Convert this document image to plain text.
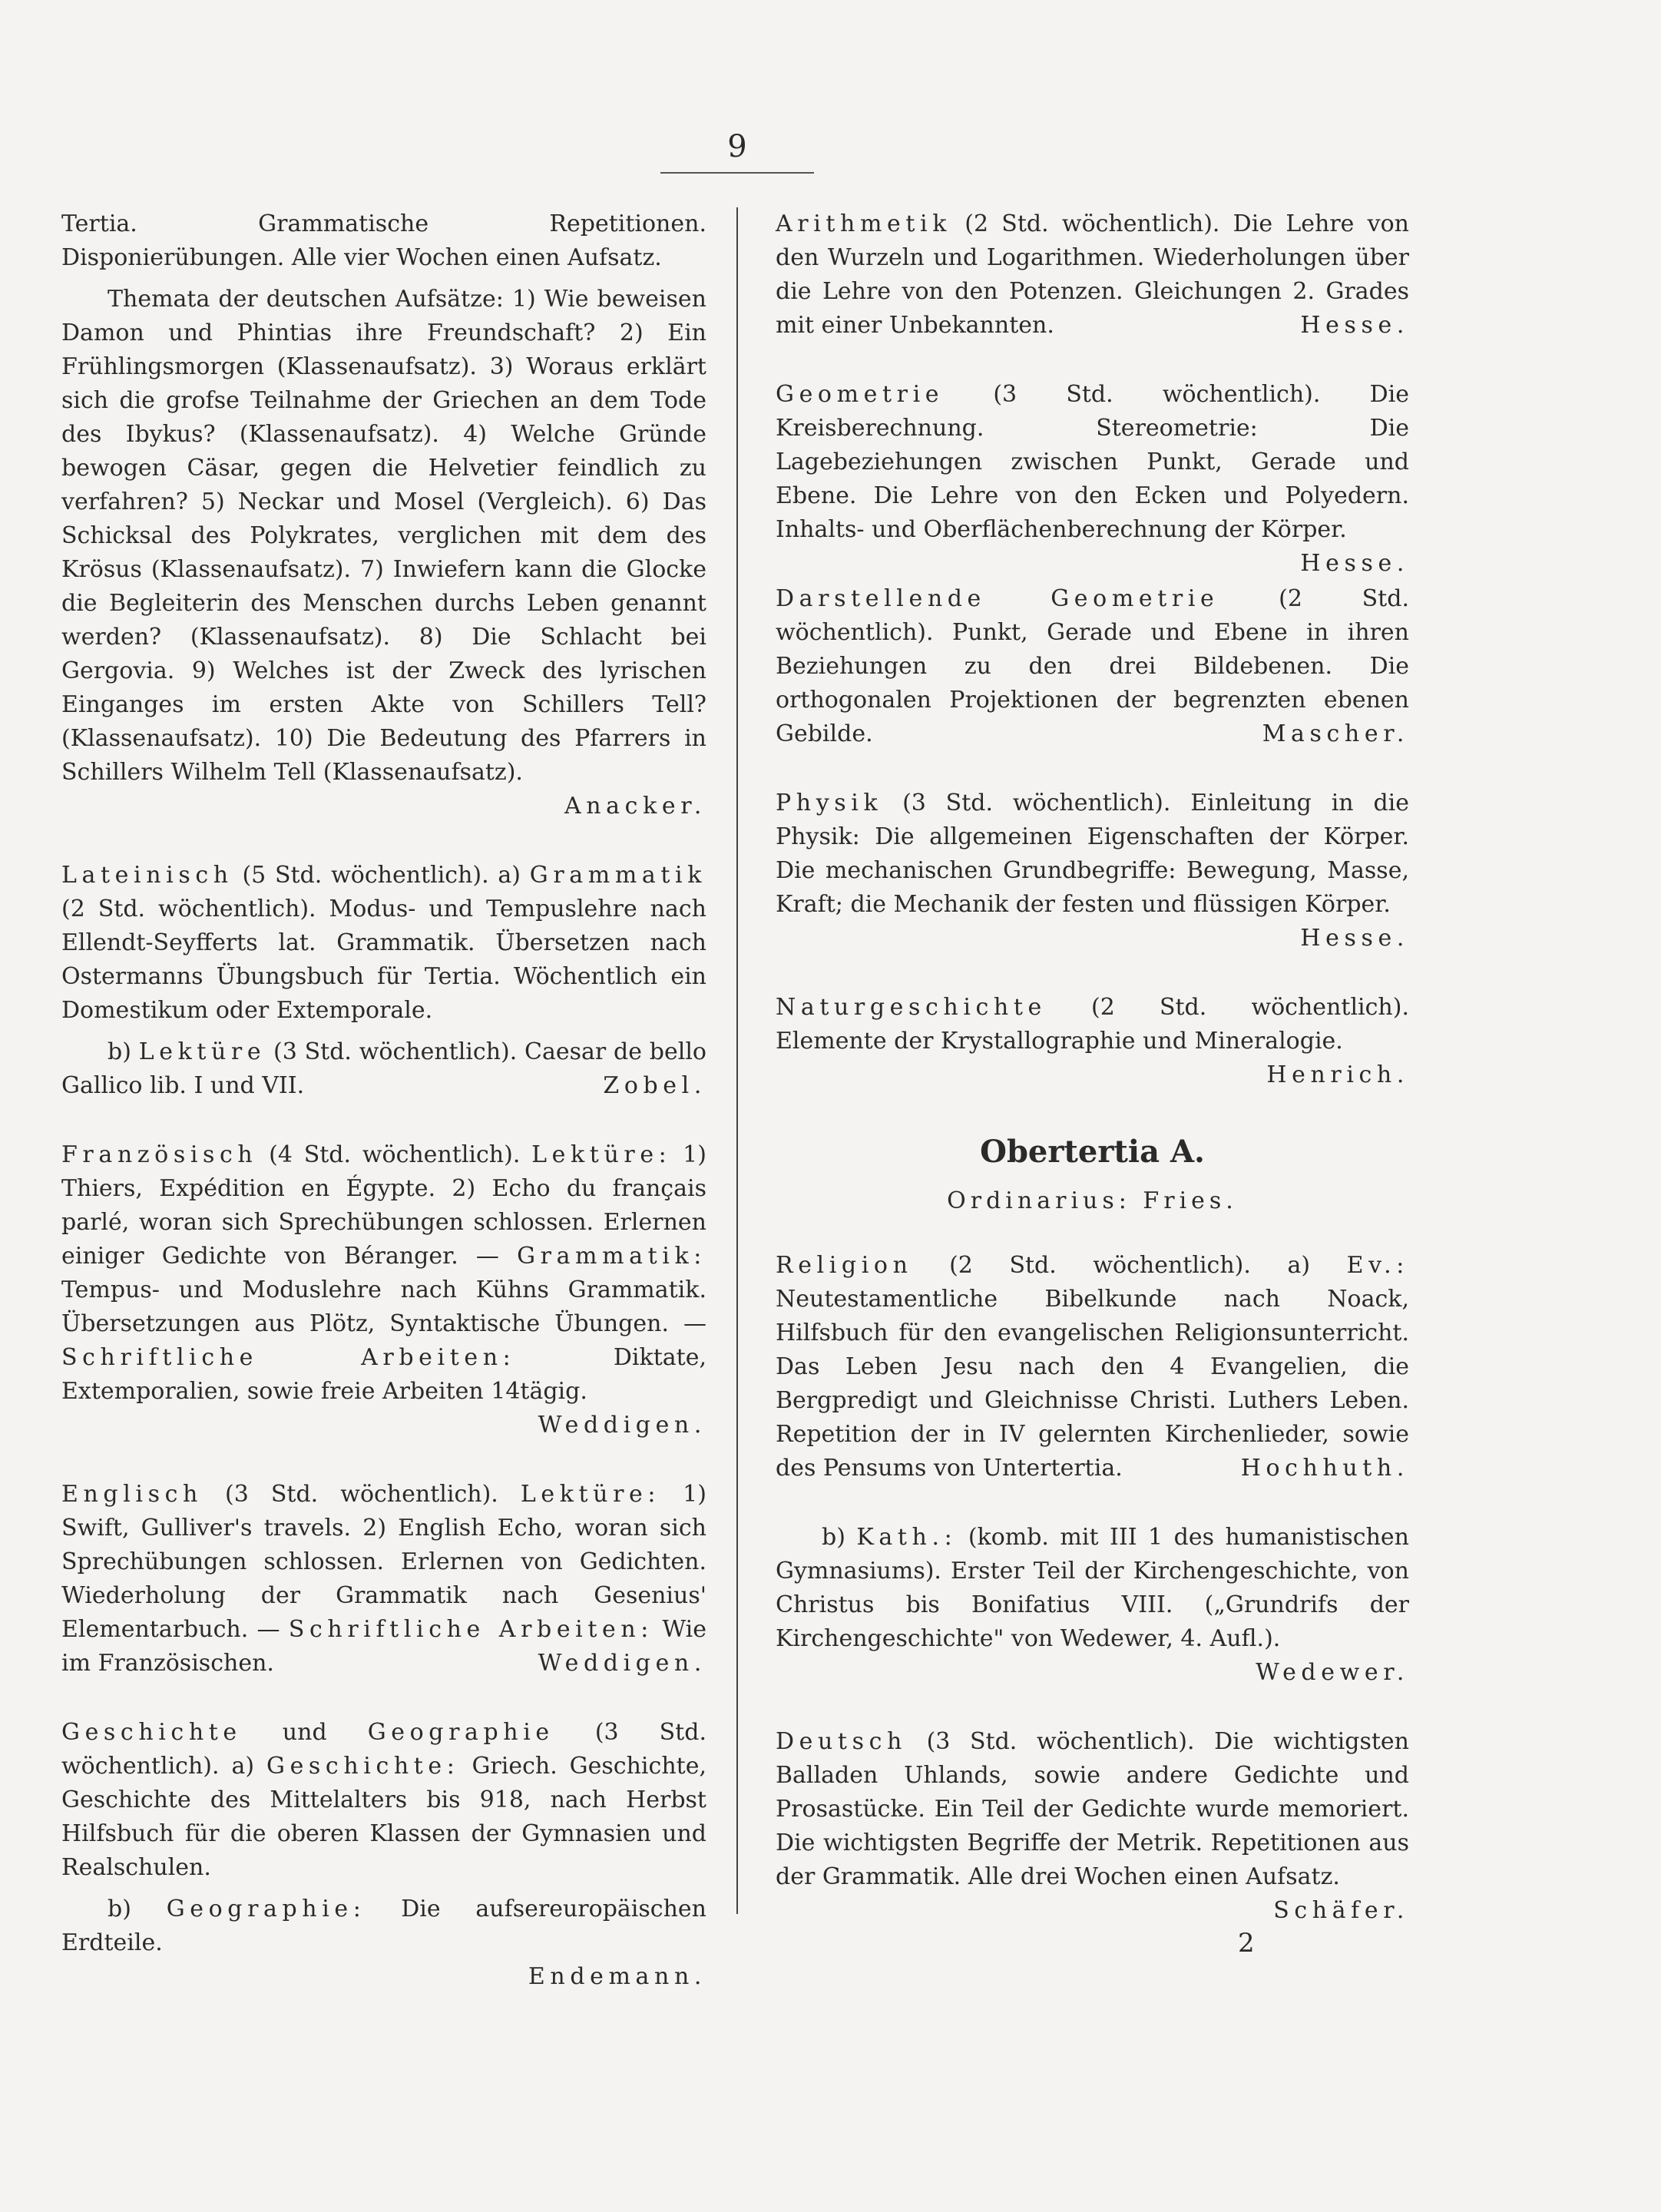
9

Tertia. Grammatische Repetitionen. Disponierübungen. Alle vier Wochen einen Aufsatz.

Themata der deutschen Aufsätze: 1) Wie beweisen Damon und Phintias ihre Freundschaft? 2) Ein Frühlingsmorgen (Klassenaufsatz). 3) Woraus erklärt sich die grofse Teilnahme der Griechen an dem Tode des Ibykus? (Klassenaufsatz). 4) Welche Gründe bewogen Cäsar, gegen die Helvetier feindlich zu verfahren? 5) Neckar und Mosel (Vergleich). 6) Das Schicksal des Polykrates, verglichen mit dem des Krösus (Klassenaufsatz). 7) Inwiefern kann die Glocke die Begleiterin des Menschen durchs Leben genannt werden? (Klassenaufsatz). 8) Die Schlacht bei Gergovia. 9) Welches ist der Zweck des lyrischen Einganges im ersten Akte von Schillers Tell? (Klassenaufsatz). 10) Die Bedeutung des Pfarrers in Schillers Wilhelm Tell (Klassenaufsatz).
Anacker.

Lateinisch (5 Std. wöchentlich). a) Grammatik (2 Std. wöchentlich). Modus- und Tempuslehre nach Ellendt-Seyfferts lat. Grammatik. Übersetzen nach Ostermanns Übungsbuch für Tertia. Wöchentlich ein Domestikum oder Extemporale.

b) Lektüre (3 Std. wöchentlich). Caesar de bello Gallico lib. I und VII.	Zobel.

Französisch (4 Std. wöchentlich). Lektüre: 1) Thiers, Expédition en Égypte. 2) Echo du français parlé, woran sich Sprechübungen schlossen. Erlernen einiger Gedichte von Béranger. — Grammatik: Tempus- und Moduslehre nach Kühns Grammatik. Übersetzungen aus Plötz, Syntaktische Übungen. — Schriftliche Arbeiten:	Diktate, Extemporalien, sowie freie Arbeiten 14tägig.
Weddigen.

Englisch (3 Std. wöchentlich). Lektüre: 1) Swift, Gulliver's travels. 2) English Echo, woran sich Sprechübungen schlossen. Erlernen von Gedichten. Wiederholung der Grammatik nach Gesenius' Elementarbuch. — Schriftliche Arbeiten: Wie im Französischen.	Weddigen.

Geschichte und Geographie (3 Std. wöchentlich). a) Geschichte: Griech. Geschichte, Geschichte des Mittelalters bis 918, nach Herbst Hilfsbuch für die oberen Klassen der Gymnasien und Realschulen.

b) Geographie: Die aufsereuropäischen Erdteile.
Endemann.

Arithmetik (2 Std. wöchentlich). Die Lehre von den Wurzeln und Logarithmen. Wiederholungen über die Lehre von den Potenzen. Gleichungen 2. Grades mit einer Unbekannten.	Hesse.

Geometrie (3 Std. wöchentlich). Die Kreisberechnung. Stereometrie: Die Lagebeziehungen zwischen Punkt, Gerade und Ebene. Die Lehre von den Ecken und Polyedern. Inhalts- und Oberflächenberechnung der Körper.
Hesse.

Darstellende Geometrie	(2 Std. wöchentlich). Punkt, Gerade und Ebene in ihren Beziehungen zu den drei Bildebenen. Die orthogonalen Projektionen der begrenzten ebenen Gebilde.	Mascher.

Physik (3 Std. wöchentlich). Einleitung in die Physik: Die allgemeinen Eigenschaften der Körper. Die mechanischen Grundbegriffe: Bewegung, Masse, Kraft; die Mechanik der festen und flüssigen Körper.
Hesse.

Naturgeschichte (2 Std. wöchentlich). Elemente der Krystallographie und Mineralogie.
Henrich.

Obertertia A.
Ordinarius: Fries.

Religion (2 Std. wöchentlich). a) Ev.: Neutestamentliche Bibelkunde nach Noack, Hilfsbuch für den evangelischen Religionsunterricht. Das Leben Jesu nach den 4 Evangelien, die Bergpredigt und Gleichnisse Christi. Luthers Leben. Repetition der in IV gelernten Kirchenlieder, sowie des Pensums von Untertertia.	Hochhuth.

b) Kath.: (komb. mit III 1 des humanistischen Gymnasiums). Erster Teil der Kirchengeschichte, von Christus bis Bonifatius VIII. („Grundrifs der Kirchengeschichte" von Wedewer, 4. Aufl.).
Wedewer.

Deutsch (3 Std. wöchentlich). Die wichtigsten Balladen Uhlands, sowie andere Gedichte und Prosastücke. Ein Teil der Gedichte wurde memoriert. Die wichtigsten Begriffe der Metrik. Repetitionen aus der Grammatik. Alle drei Wochen einen Aufsatz.
Schäfer.

2
